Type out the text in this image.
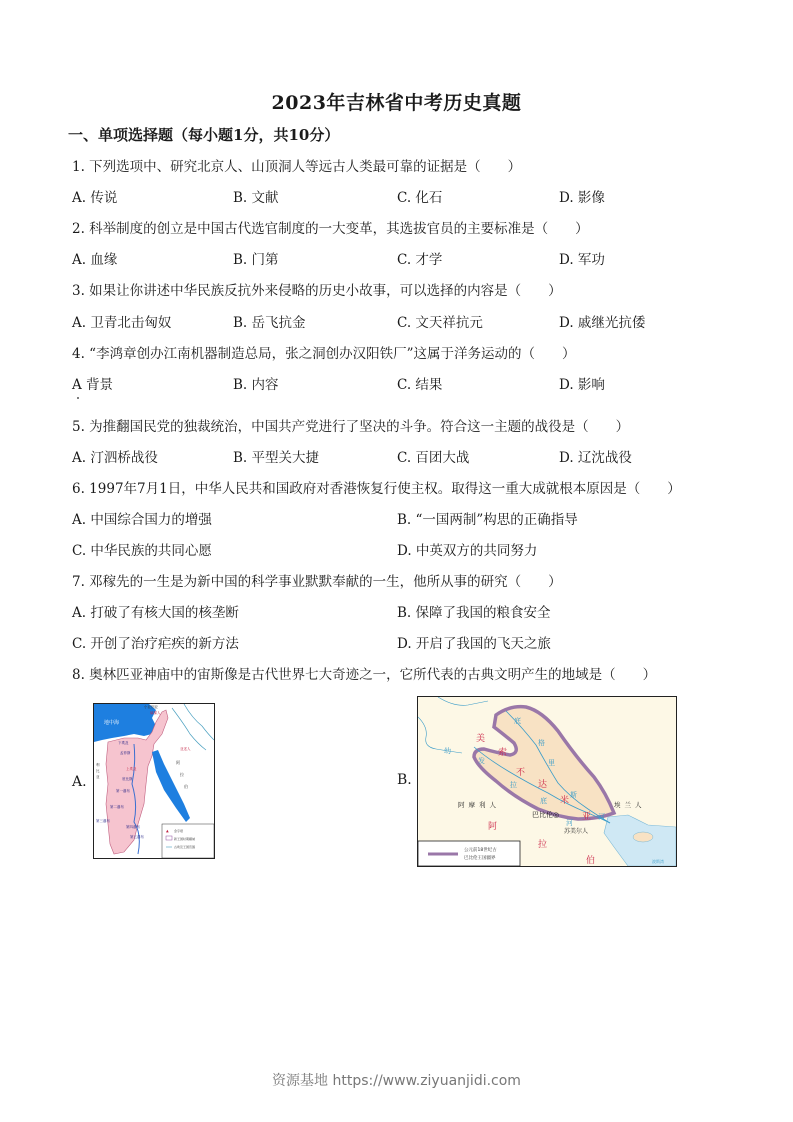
2023年吉林省中考历史真题
一、单项选择题（每小题1分，共10分）
1. 下列选项中、研究北京人、山顶洞人等远古人类最可靠的证据是（　　）
A. 传说	B. 文献	C. 化石	D. 影像
2. 科举制度的创立是中国古代选官制度的一大变革，其选拔官员的主要标准是（　　）
A. 血缘	B. 门第	C. 才学	D. 军功
3. 如果让你讲述中华民族反抗外来侵略的历史小故事，可以选择的内容是（　　）
A. 卫青北击匈奴	B. 岳飞抗金	C. 文天祥抗元	D. 戚继光抗倭
4. “李鸿章创办江南机器制造总局，张之洞创办汉阳铁厂”这属于洋务运动的（　　）
A 背景	B. 内容	C. 结果	D. 影响
5. 为推翻国民党的独裁统治，中国共产党进行了坚决的斗争。符合这一主题的战役是（　　）
A. 汀泗桥战役	B. 平型关大捷	C. 百团大战	D. 辽沈战役
6. 1997年7月1日，中华人民共和国政府对香港恢复行使主权。取得这一重大成就根本原因是（　　）
A. 中国综合国力的增强	B. “一国两制”构思的正确指导
C. 中华民族的共同心愿	D. 中英双方的共同努力
7. 邓稼先的一生是为新中国的科学事业默默奉献的一生，他所从事的研究（　　）
A. 打破了有核大国的核垄断	B. 保障了我国的粮食安全
C. 开创了治疗疟疾的新方法	D. 开启了我国的飞天之旅
8. 奥林匹亚神庙中的宙斯像是古代世界七大奇迹之一，它所代表的古典文明产生的地域是（　　）
A.	B.
地中海
小亚细亚
赫梯人
亚述人
下埃及
孟菲斯
上埃及
底比斯
第一瀑布
第二瀑布
第三瀑布
第四瀑布
第五瀑布
利
比
亚
阿
拉
伯
▲ 金字塔
新王国时期疆域
古埃及王国范围
美
索
不
达
米
亚
底
格
里
斯
河
幼
发
拉
底
河
阿摩利人	埃兰人
苏美尔人
巴比伦◎
阿
拉
伯	波斯湾
公元前18世纪古
巴比伦王国疆界
资源基地 https://www.ziyuanjidi.com
